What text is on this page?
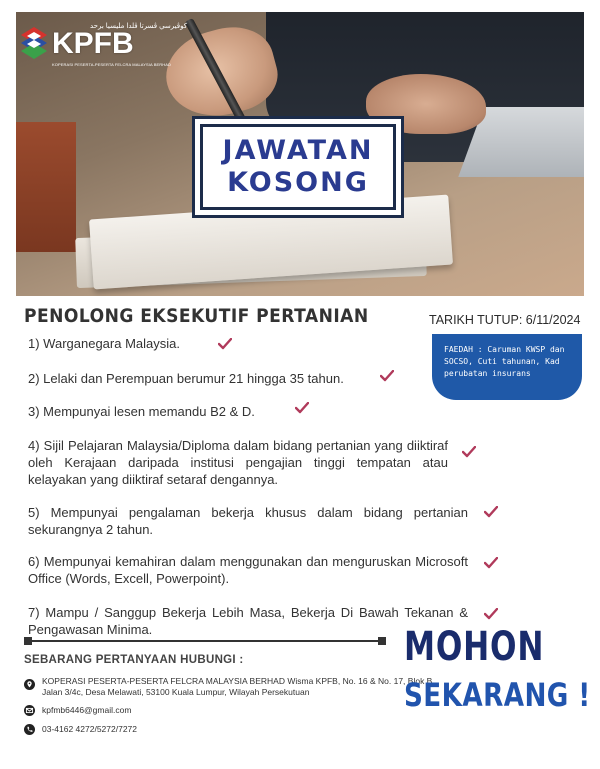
كوڤيرسي ڤسرتا ڤلدا مليسيا برحد
KPFB
KOPERASI PESERTA-PESERTA FELCRA MALAYSIA BERHAD
JAWATAN
KOSONG
PENOLONG EKSEKUTIF PERTANIAN	TARIKH TUTUP: 6/11/2024
FAEDAH : Caruman KWSP dan SOCSO, Cuti tahunan, Kad perubatan insurans
1) Warganegara Malaysia.
2) Lelaki dan Perempuan berumur 21 hingga 35 tahun.
3) Mempunyai lesen memandu B2 & D.
4) Sijil Pelajaran Malaysia/Diploma dalam bidang pertanian yang diiktiraf oleh Kerajaan daripada institusi pengajian tinggi tempatan atau kelayakan yang diiktiraf setaraf dengannya.
5) Mempunyai pengalaman bekerja khusus dalam bidang pertanian sekurangnya 2 tahun.
6) Mempunyai kemahiran dalam menggunakan dan menguruskan Microsoft Office (Words, Excell, Powerpoint).
7) Mampu / Sanggup Bekerja Lebih Masa, Bekerja Di Bawah Tekanan & Pengawasan Minima.
SEBARANG PERTANYAAN HUBUNGI :
KOPERASI PESERTA-PESERTA FELCRA MALAYSIA BERHAD Wisma KPFB, No. 16 & No. 17, Blok B,
Jalan 3/4c, Desa Melawati, 53100 Kuala Lumpur, Wilayah Persekutuan
kpfmb6446@gmail.com
03-4162 4272/5272/7272
MOHON
SEKARANG !
